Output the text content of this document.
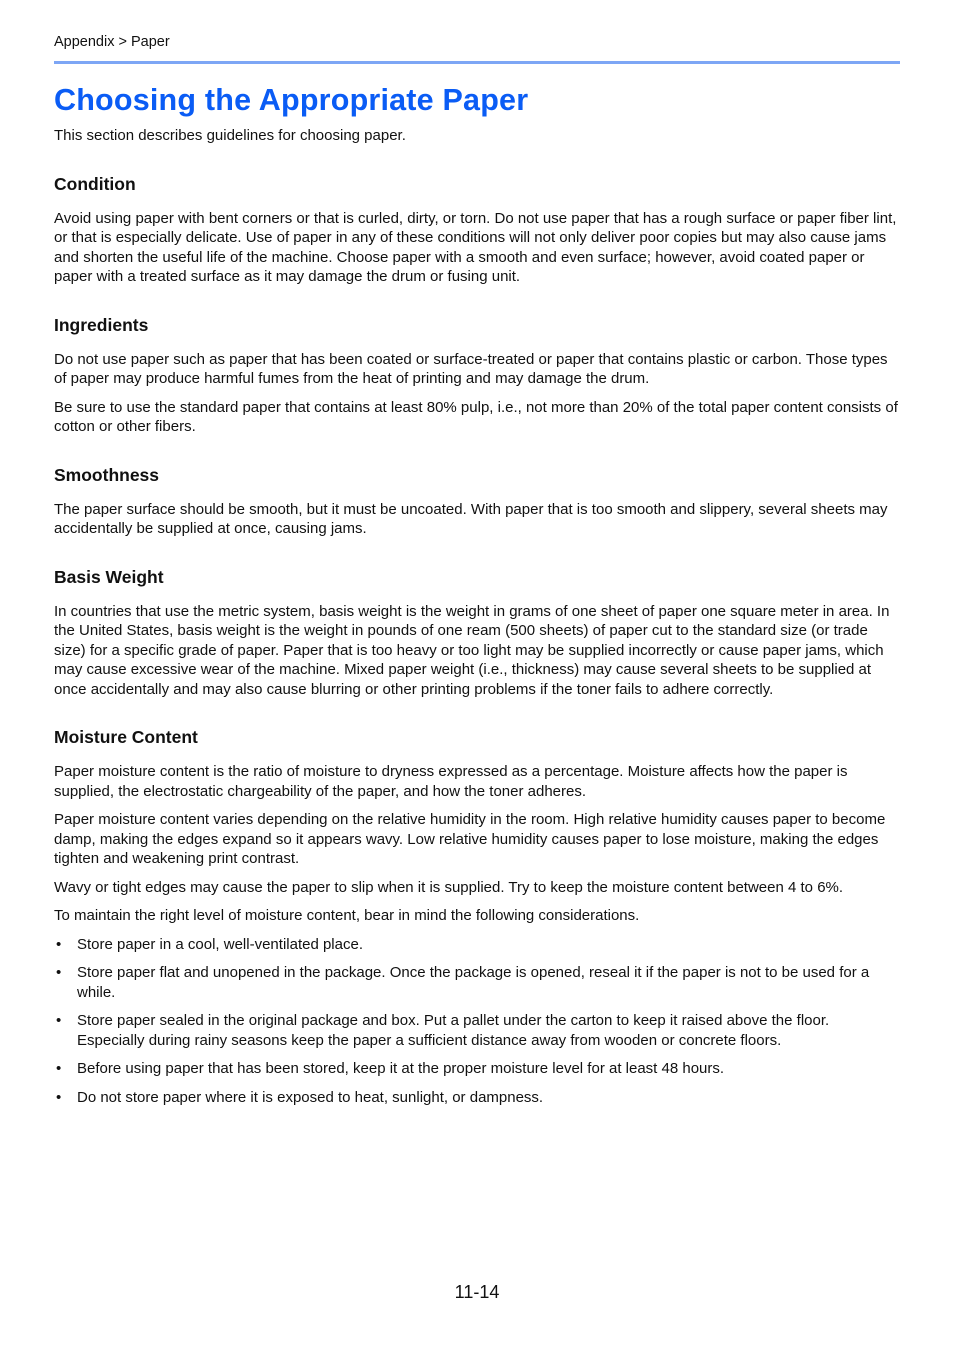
Appendix > Paper
Choosing the Appropriate Paper

This section describes guidelines for choosing paper.

Condition

Avoid using paper with bent corners or that is curled, dirty, or torn. Do not use paper that has a rough surface or paper fiber lint, or that is especially delicate. Use of paper in any of these conditions will not only deliver poor copies but may also cause jams and shorten the useful life of the machine. Choose paper with a smooth and even surface; however, avoid coated paper or paper with a treated surface as it may damage the drum or fusing unit.

Ingredients

Do not use paper such as paper that has been coated or surface-treated or paper that contains plastic or carbon. Those types of paper may produce harmful fumes from the heat of printing and may damage the drum.

Be sure to use the standard paper that contains at least 80% pulp, i.e., not more than 20% of the total paper content consists of cotton or other fibers.

Smoothness

The paper surface should be smooth, but it must be uncoated. With paper that is too smooth and slippery, several sheets may accidentally be supplied at once, causing jams.

Basis Weight

In countries that use the metric system, basis weight is the weight in grams of one sheet of paper one square meter in area. In the United States, basis weight is the weight in pounds of one ream (500 sheets) of paper cut to the standard size (or trade size) for a specific grade of paper. Paper that is too heavy or too light may be supplied incorrectly or cause paper jams, which may cause excessive wear of the machine. Mixed paper weight (i.e., thickness) may cause several sheets to be supplied at once accidentally and may also cause blurring or other printing problems if the toner fails to adhere correctly.

Moisture Content

Paper moisture content is the ratio of moisture to dryness expressed as a percentage. Moisture affects how the paper is supplied, the electrostatic chargeability of the paper, and how the toner adheres.

Paper moisture content varies depending on the relative humidity in the room. High relative humidity causes paper to become damp, making the edges expand so it appears wavy. Low relative humidity causes paper to lose moisture, making the edges tighten and weakening print contrast.

Wavy or tight edges may cause the paper to slip when it is supplied. Try to keep the moisture content between 4 to 6%.

To maintain the right level of moisture content, bear in mind the following considerations.

• Store paper in a cool, well-ventilated place.
• Store paper flat and unopened in the package. Once the package is opened, reseal it if the paper is not to be used for a while.
• Store paper sealed in the original package and box. Put a pallet under the carton to keep it raised above the floor. Especially during rainy seasons keep the paper a sufficient distance away from wooden or concrete floors.
• Before using paper that has been stored, keep it at the proper moisture level for at least 48 hours.
• Do not store paper where it is exposed to heat, sunlight, or dampness.
11-14
